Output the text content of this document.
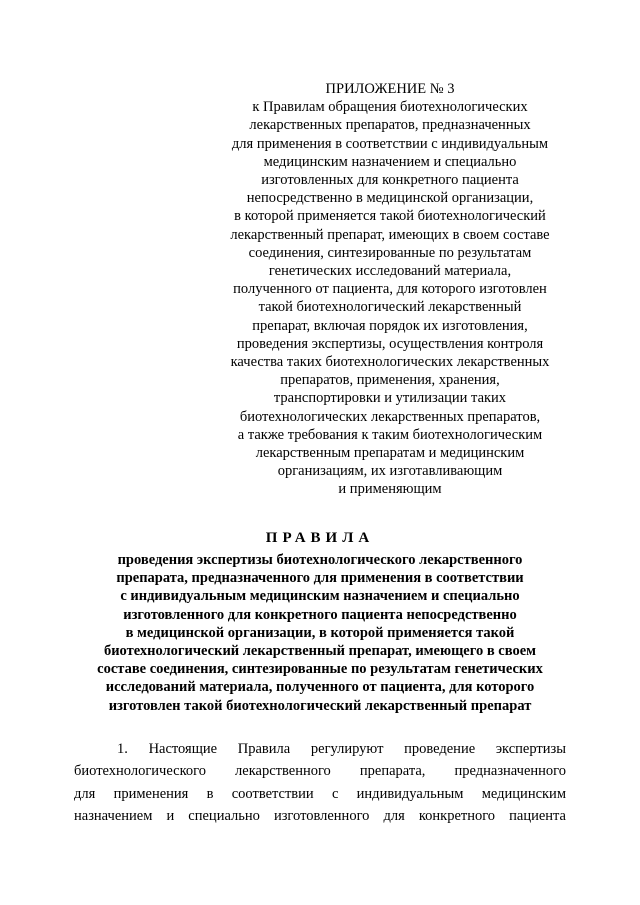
ПРИЛОЖЕНИЕ № 3
к Правилам обращения биотехнологических
лекарственных препаратов, предназначенных
для применения в соответствии с индивидуальным
медицинским назначением и специально
изготовленных для конкретного пациента
непосредственно в медицинской организации,
в которой применяется такой биотехнологический
лекарственный препарат, имеющих в своем составе
соединения, синтезированные по результатам
генетических исследований материала,
полученного от пациента, для которого изготовлен
такой биотехнологический лекарственный
препарат, включая порядок их изготовления,
проведения экспертизы, осуществления контроля
качества таких биотехнологических лекарственных
препаратов, применения, хранения,
транспортировки и утилизации таких
биотехнологических лекарственных препаратов,
а также требования к таким биотехнологическим
лекарственным препаратам и медицинским
организациям, их изготавливающим
и применяющим
ПРАВИЛА
проведения экспертизы биотехнологического лекарственного
препарата, предназначенного для применения в соответствии
с индивидуальным медицинским назначением и специально
изготовленного для конкретного пациента непосредственно
в медицинской организации, в которой применяется такой
биотехнологический лекарственный препарат, имеющего в своем
составе соединения, синтезированные по результатам генетических
исследований материала, полученного от пациента, для которого
изготовлен такой биотехнологический лекарственный препарат
1. Настоящие Правила регулируют проведение экспертизы
биотехнологического лекарственного препарата, предназначенного
для применения в соответствии с индивидуальным медицинским
назначением и специально изготовленного для конкретного пациента
